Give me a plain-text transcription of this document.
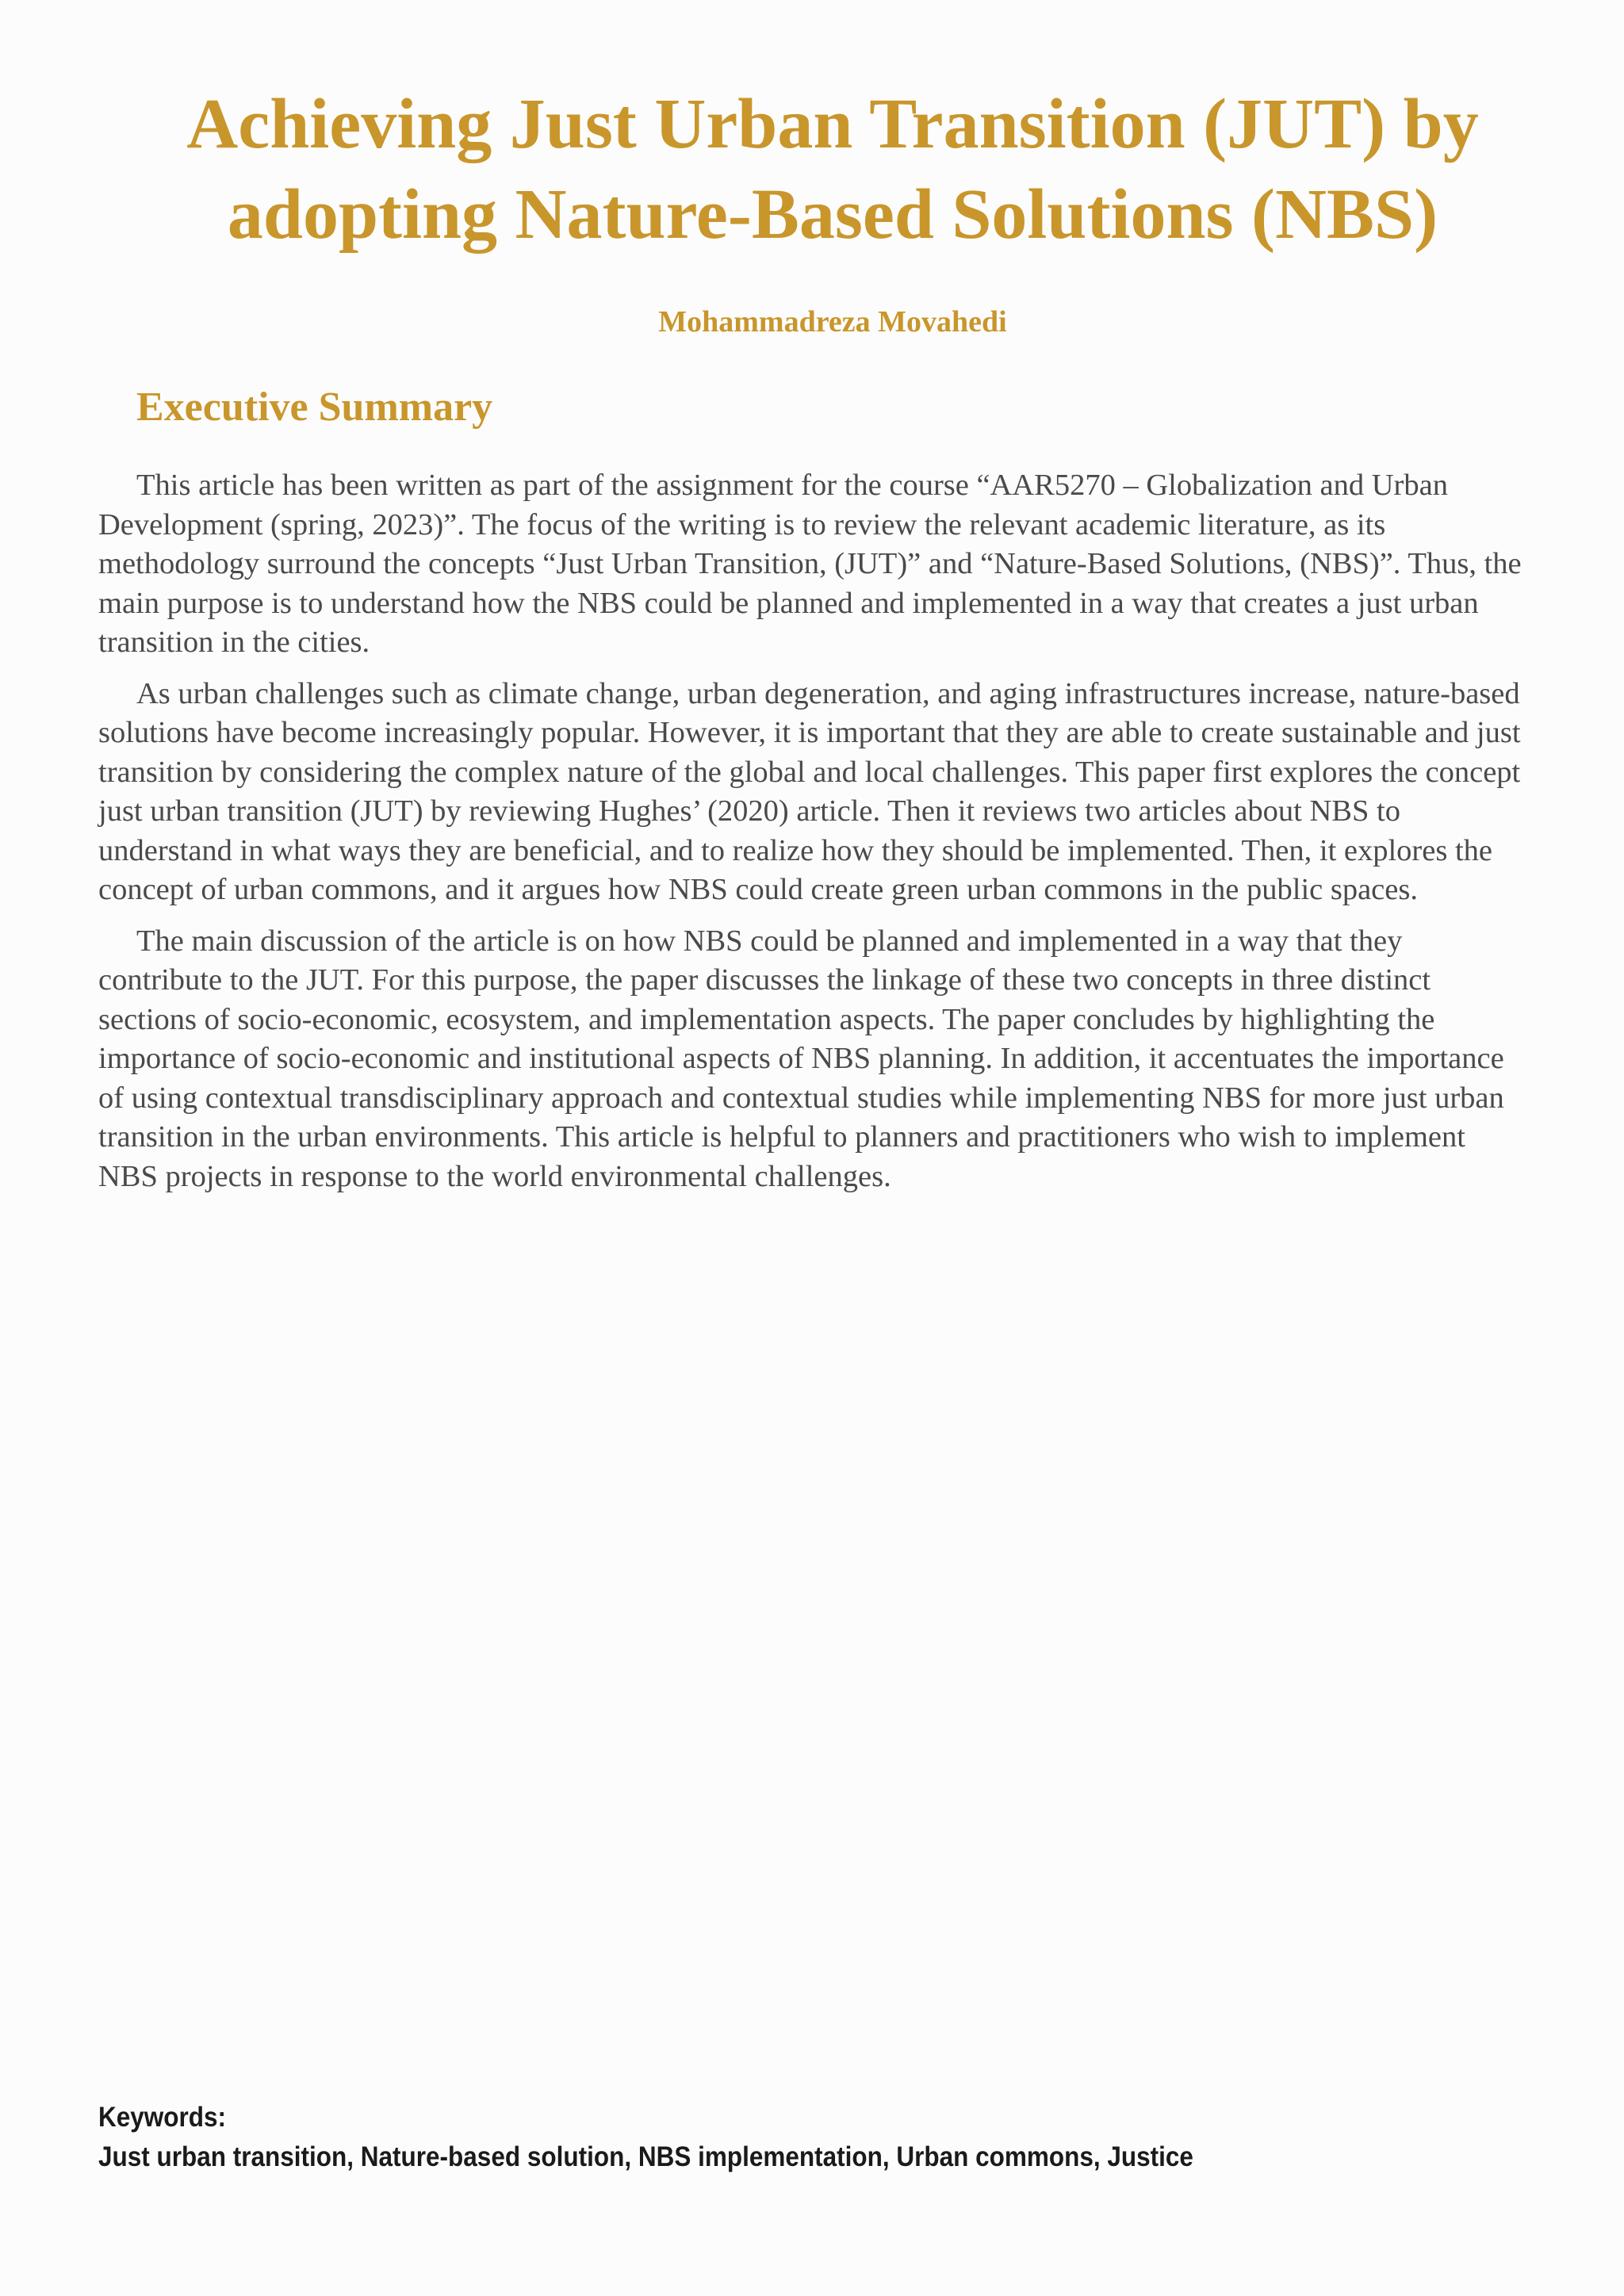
Achieving Just Urban Transition (JUT) by
adopting Nature-Based Solutions (NBS)
Mohammadreza Movahedi
Executive Summary

This article has been written as part of the assignment for the course “AAR5270 – Globalization and Urban Development (spring, 2023)”. The focus of the writing is to review the relevant academic literature, as its methodology surround the concepts “Just Urban Transition, (JUT)” and “Nature-Based Solutions, (NBS)”. Thus, the main purpose is to understand how the NBS could be planned and implemented in a way that creates a just urban transition in the cities.

As urban challenges such as climate change, urban degeneration, and aging infrastructures increase, nature-based solutions have become increasingly popular. However, it is important that they are able to create sustainable and just transition by considering the complex nature of the global and local challenges. This paper first explores the concept just urban transition (JUT) by reviewing Hughes’ (2020) article. Then it reviews two articles about NBS to understand in what ways they are beneficial, and to realize how they should be implemented. Then, it explores the concept of urban commons, and it argues how NBS could create green urban commons in the public spaces.

The main discussion of the article is on how NBS could be planned and implemented in a way that they contribute to the JUT. For this purpose, the paper discusses the linkage of these two concepts in three distinct sections of socio-economic, ecosystem, and implementation aspects. The paper concludes by highlighting the importance of socio-economic and institutional aspects of NBS planning. In addition, it accentuates the importance of using contextual transdisciplinary approach and contextual studies while implementing NBS for more just urban transition in the urban environments. This article is helpful to planners and practitioners who wish to implement NBS projects in response to the world environmental challenges.

Keywords:
Just urban transition, Nature-based solution, NBS implementation, Urban commons, Justice
